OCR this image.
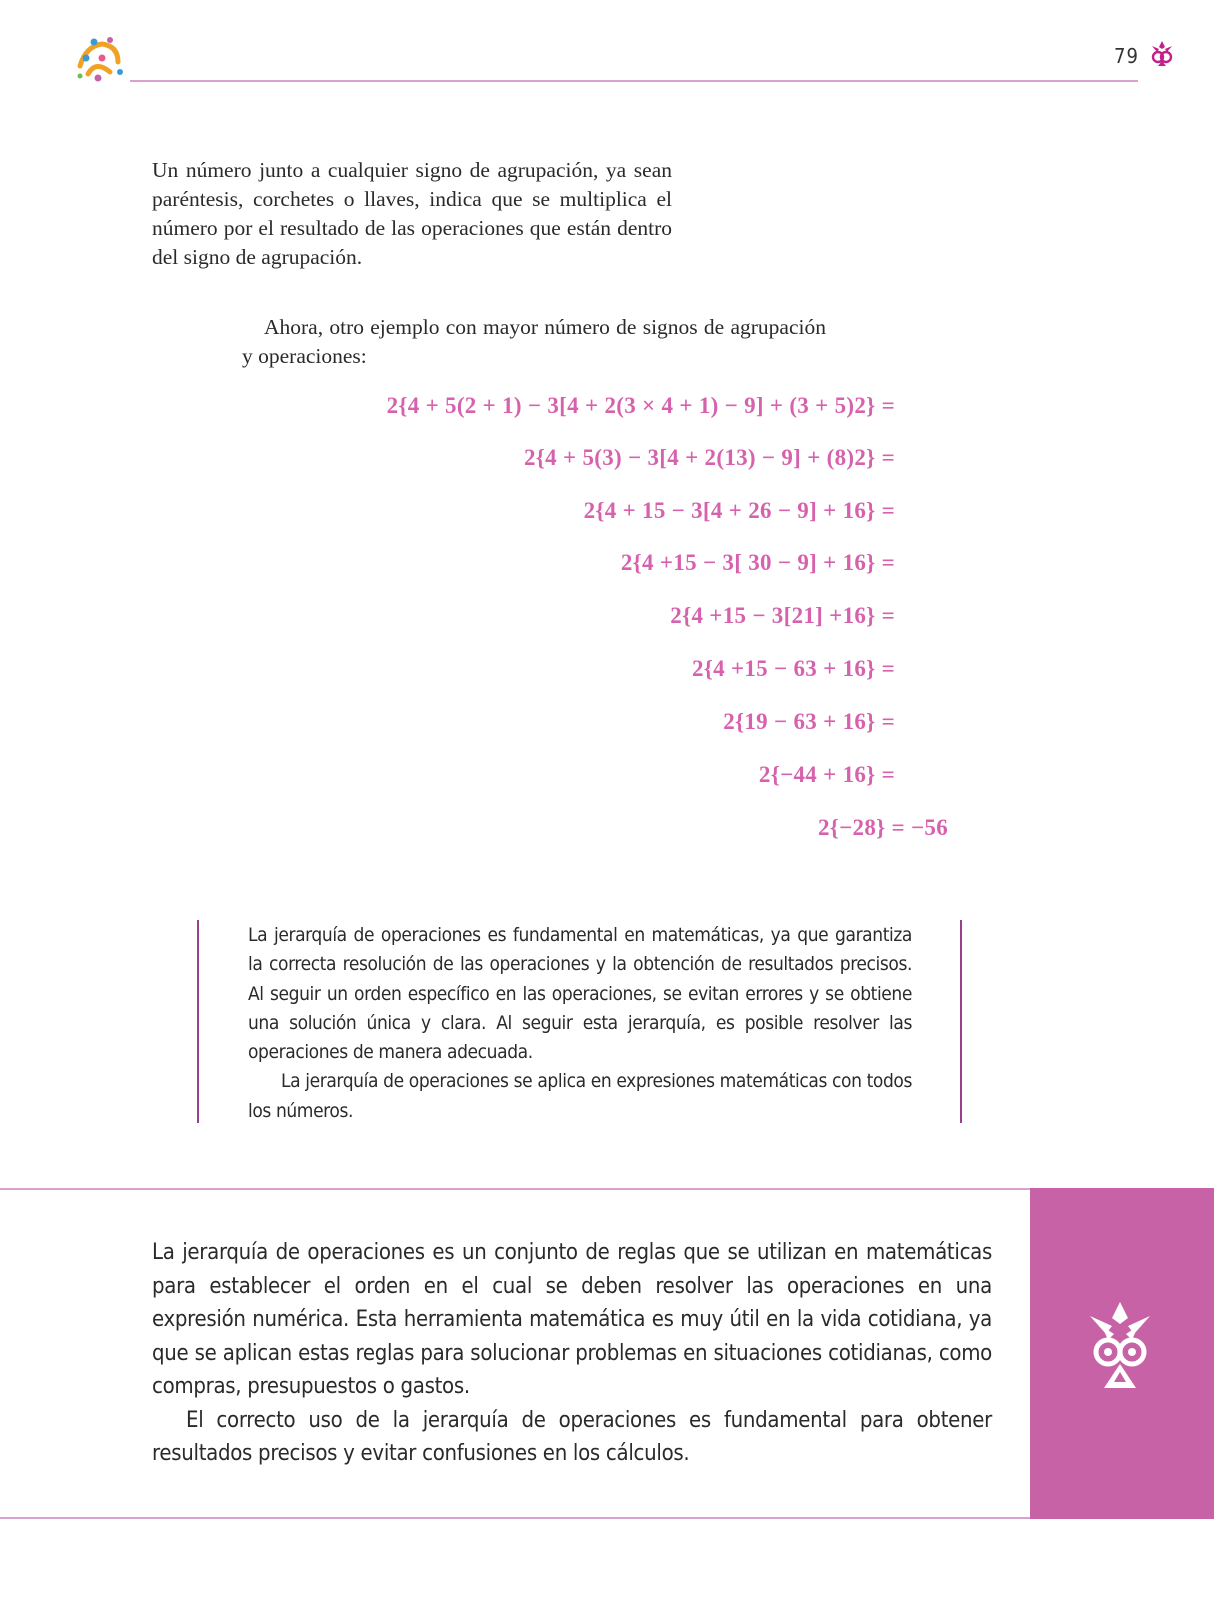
79

Un número junto a cualquier signo de agrupación, ya sean paréntesis, corchetes o llaves, indica que se multiplica el número por el resultado de las operaciones que están dentro del signo de agrupación.

Ahora, otro ejemplo con mayor número de signos de agrupación y operaciones:

2{4 + 5(2 + 1) − 3[4 + 2(3 × 4 + 1) − 9] + (3 + 5)2} =
2{4 + 5(3) − 3[4 + 2(13) − 9] + (8)2} =
2{4 + 15 − 3[4 + 26 − 9] + 16} =
2{4 +15 − 3[ 30 − 9] + 16} =
2{4 +15 − 3[21] +16} =
2{4 +15 − 63 + 16} =
2{19 − 63 + 16} =
2{−44 + 16} =
2{−28} = −56

La jerarquía de operaciones es fundamental en matemáticas, ya que garantiza la correcta resolución de las operaciones y la obtención de resultados precisos. Al seguir un orden específico en las operaciones, se evitan errores y se obtiene una solución única y clara. Al seguir esta jerarquía, es posible resolver las operaciones de manera adecuada.

La jerarquía de operaciones se aplica en expresiones matemáticas con todos los números.

La jerarquía de operaciones es un conjunto de reglas que se utilizan en matemáticas para establecer el orden en el cual se deben resolver las operaciones en una expresión numérica. Esta herramienta matemática es muy útil en la vida cotidiana, ya que se aplican estas reglas para solucionar problemas en situaciones cotidianas, como compras, presupuestos o gastos.

El correcto uso de la jerarquía de operaciones es fundamental para obtener resultados precisos y evitar confusiones en los cálculos.
